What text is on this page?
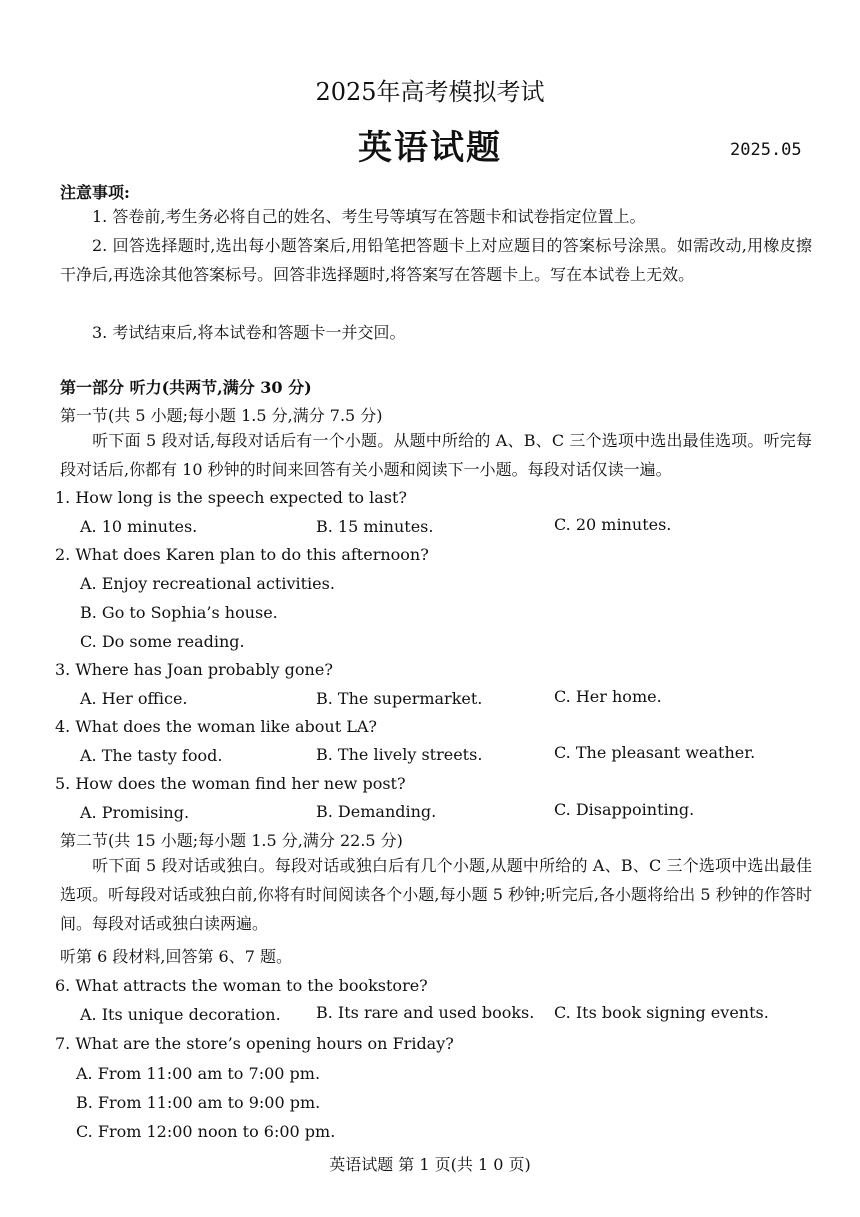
2025年高考模拟考试
英语试题	2025.05
注意事项:
1. 答卷前,考生务必将自己的姓名、考生号等填写在答题卡和试卷指定位置上。
2. 回答选择题时,选出每小题答案后,用铅笔把答题卡上对应题目的答案标号涂黑。如需改动,用橡皮擦干净后,再选涂其他答案标号。回答非选择题时,将答案写在答题卡上。写在本试卷上无效。
3. 考试结束后,将本试卷和答题卡一并交回。
第一部分 听力(共两节,满分 30 分)
第一节(共 5 小题;每小题 1.5 分,满分 7.5 分)
听下面 5 段对话,每段对话后有一个小题。从题中所给的 A、B、C 三个选项中选出最佳选项。听完每段对话后,你都有 10 秒钟的时间来回答有关小题和阅读下一小题。每段对话仅读一遍。
1. How long is the speech expected to last?
A. 10 minutes.	B. 15 minutes.	C. 20 minutes.
2. What does Karen plan to do this afternoon?
A. Enjoy recreational activities.
B. Go to Sophia’s house.
C. Do some reading.
3. Where has Joan probably gone?
A. Her office.	B. The supermarket.	C. Her home.
4. What does the woman like about LA?
A. The tasty food.	B. The lively streets.	C. The pleasant weather.
5. How does the woman find her new post?
A. Promising.	B. Demanding.	C. Disappointing.
第二节(共 15 小题;每小题 1.5 分,满分 22.5 分)
听下面 5 段对话或独白。每段对话或独白后有几个小题,从题中所给的 A、B、C 三个选项中选出最佳选项。听每段对话或独白前,你将有时间阅读各个小题,每小题 5 秒钟;听完后,各小题将给出 5 秒钟的作答时间。每段对话或独白读两遍。
听第 6 段材料,回答第 6、7 题。
6. What attracts the woman to the bookstore?
A. Its unique decoration. B. Its rare and used books. C. Its book signing events.
7. What are the store’s opening hours on Friday?
A. From 11:00 am to 7:00 pm.
B. From 11:00 am to 9:00 pm.
C. From 12:00 noon to 6:00 pm.
英语试题 第 1 页(共 1 0 页)
